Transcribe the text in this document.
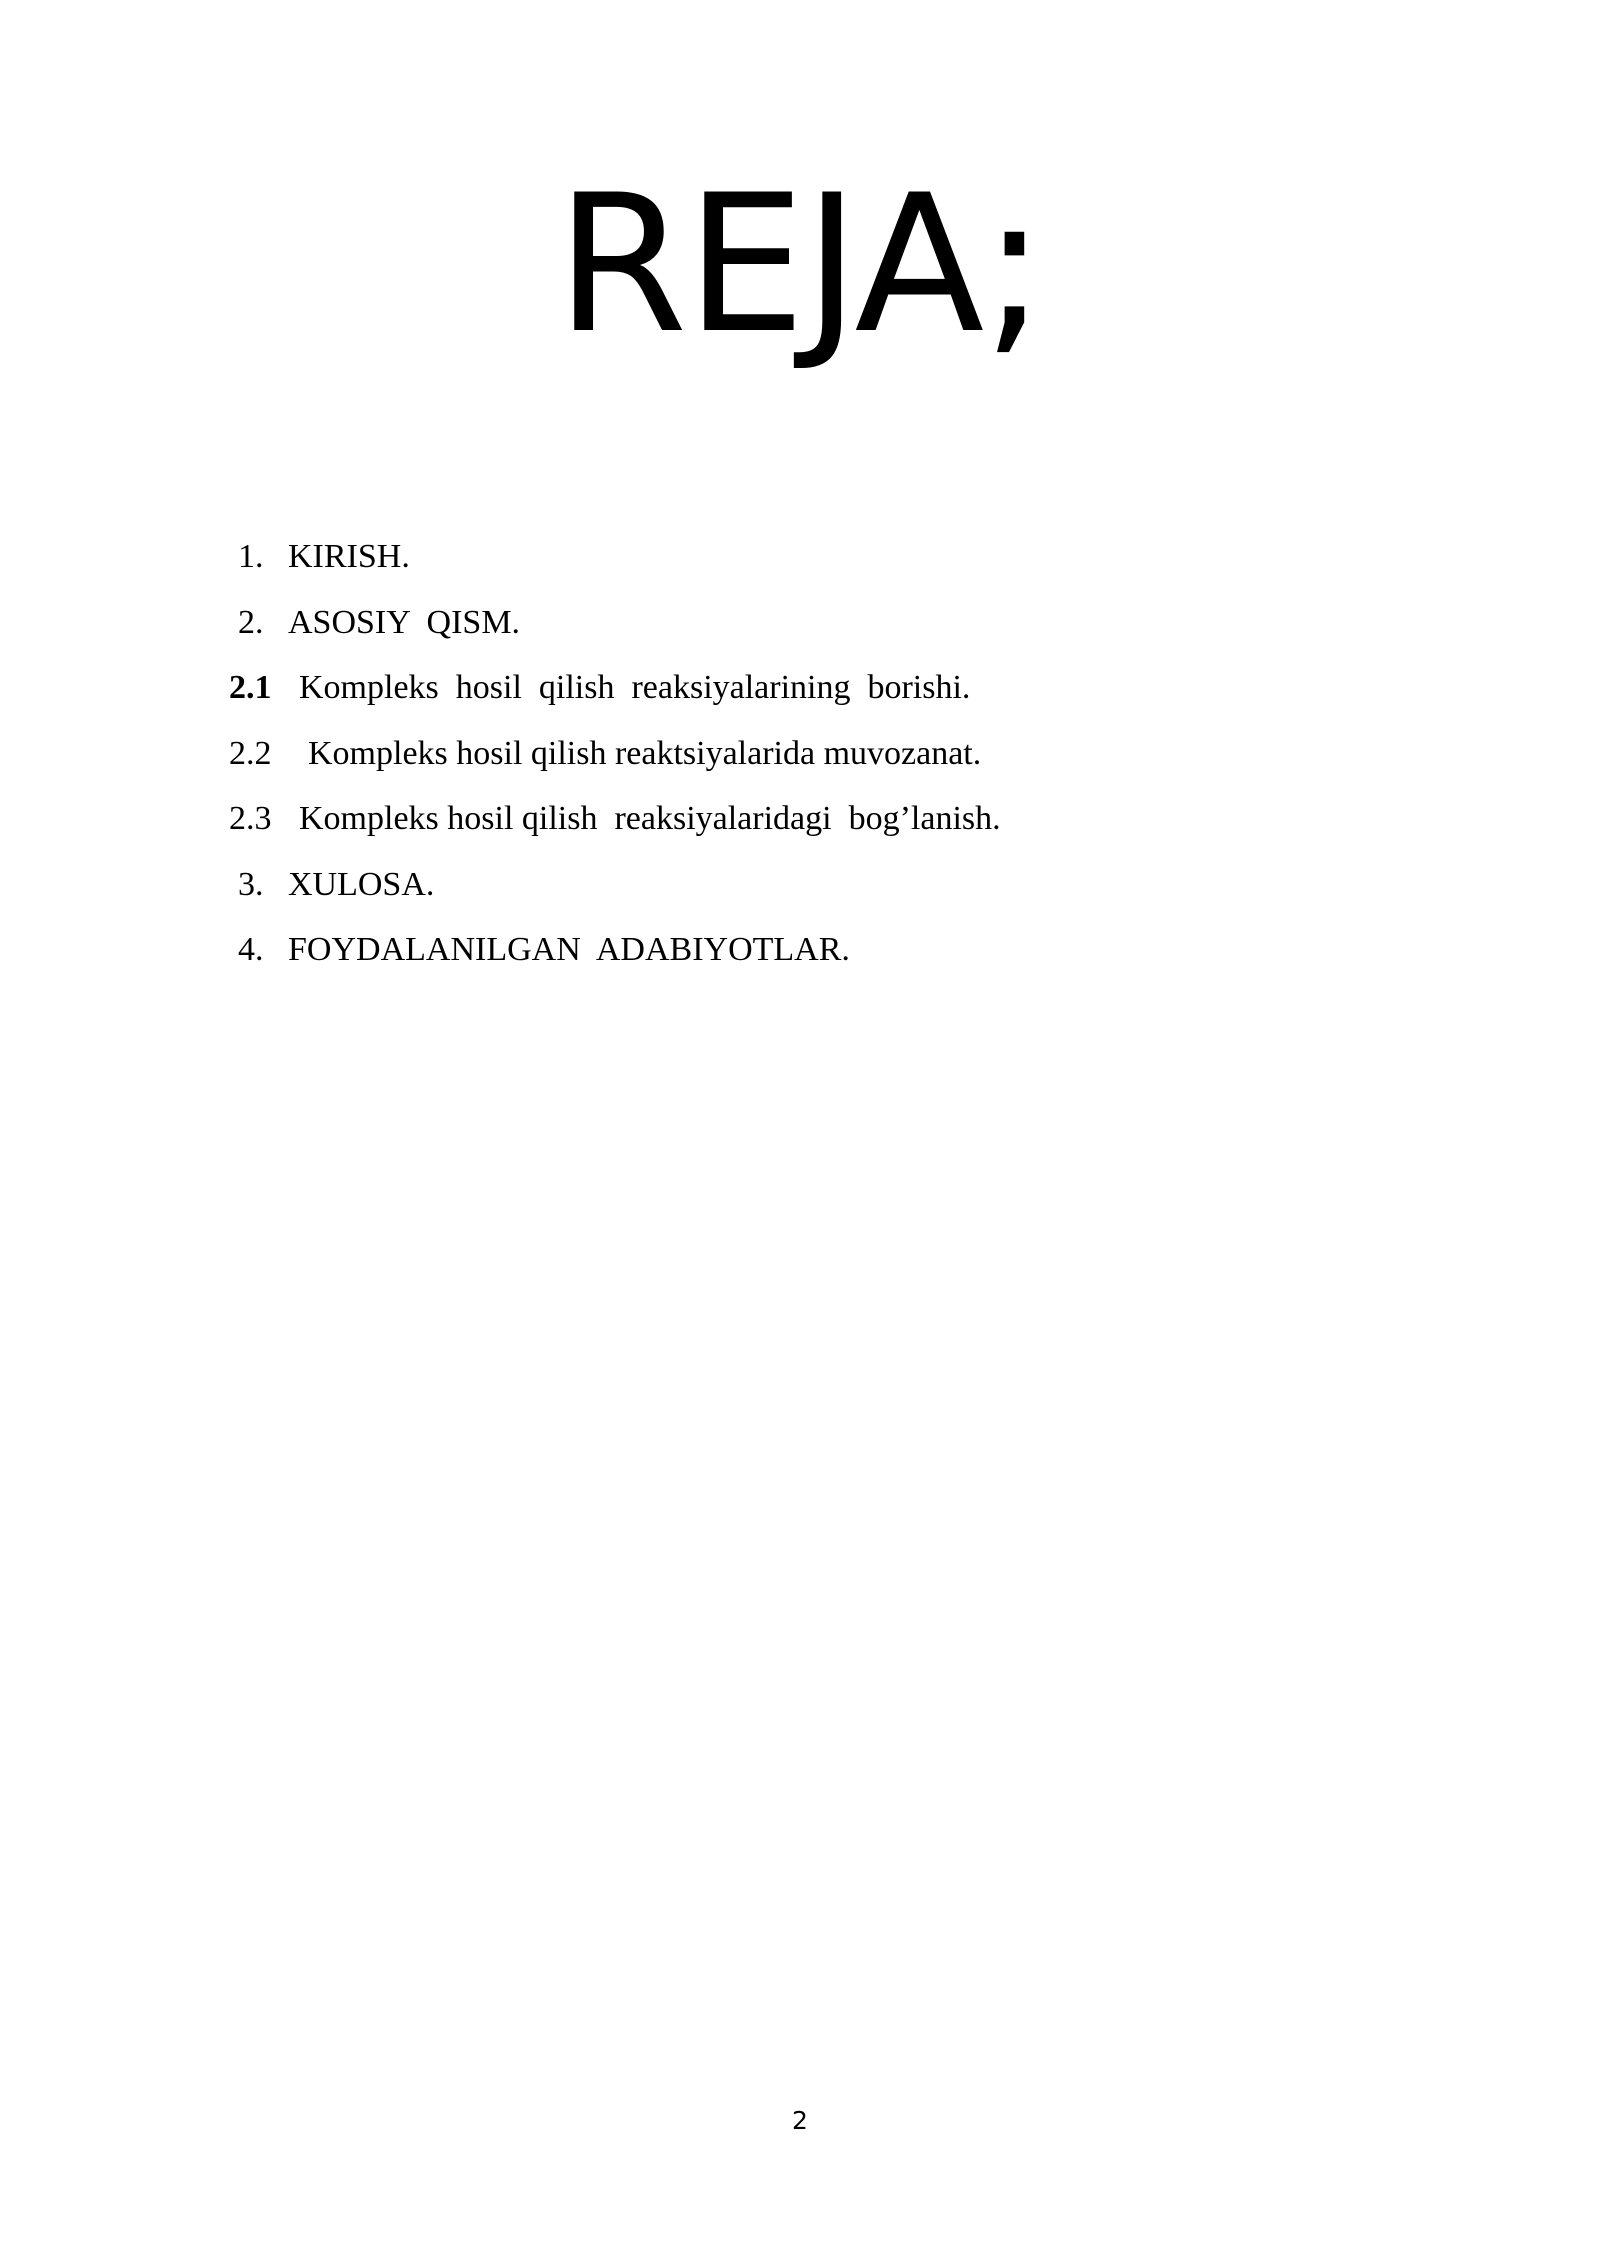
REJA;

1.

KIRISH.

2.

ASOSIY  QISM.

2.1

Kompleks  hosil  qilish  reaksiyalarining  borishi.

2.2

Kompleks hosil qilish reaktsiyalarida muvozanat.

2.3

Kompleks hosil qilish  reaksiyalaridagi  bog’lanish.

3.

XULOSA.

4.

FOYDALANILGAN  ADABIYOTLAR.

2
